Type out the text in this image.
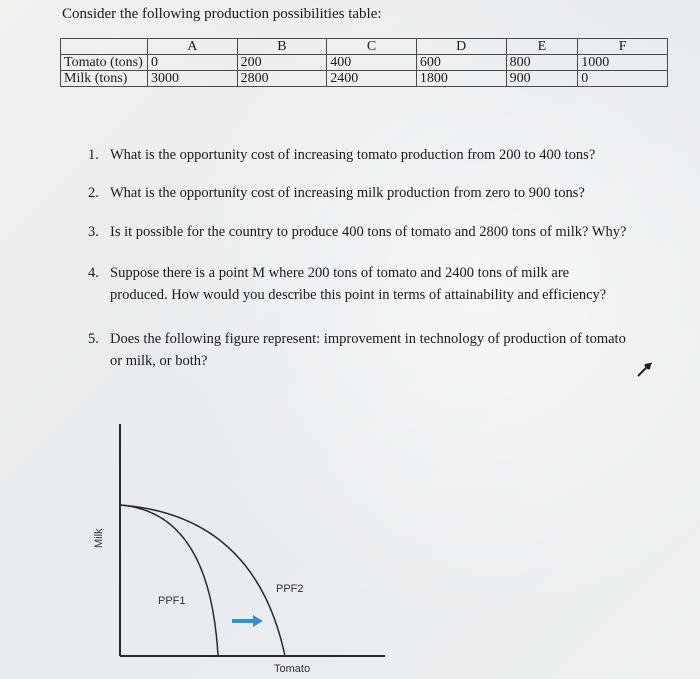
Consider the following production possibilities table:
	A	B	C	D	E	F
Tomato (tons)	0	200	400	600	800	1000
Milk (tons)	3000	2800	2400	1800	900	0
1. What is the opportunity cost of increasing tomato production from 200 to 400 tons?
2. What is the opportunity cost of increasing milk production from zero to 900 tons?
3. Is it possible for the country to produce 400 tons of tomato and 2800 tons of milk? Why?
4. Suppose there is a point M where 200 tons of tomato and 2400 tons of milk are
produced. How would you describe this point in terms of attainability and efficiency?
5. Does the following figure represent: improvement in technology of production of tomato
or milk, or both?
Milk
PPF1
PPF2
Tomato
